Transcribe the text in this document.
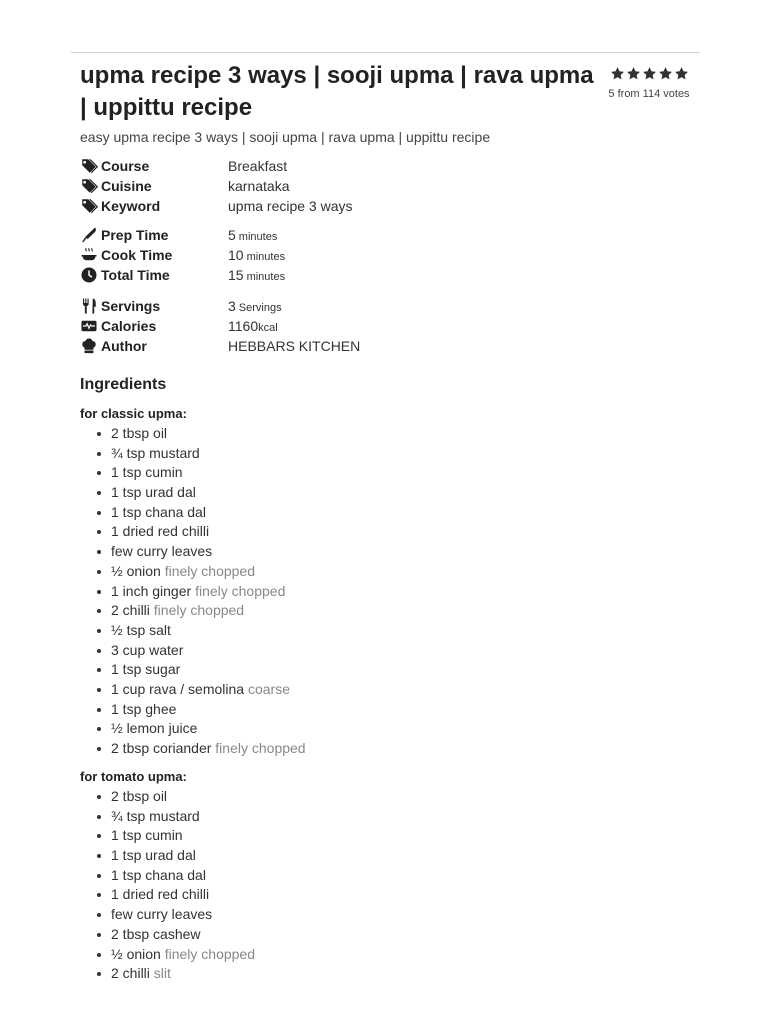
upma recipe 3 ways | sooji upma | rava upma | uppittu recipe	5 from 114 votes

easy upma recipe 3 ways | sooji upma | rava upma | uppittu recipe

Course	Breakfast
Cuisine	karnataka
Keyword	upma recipe 3 ways
Prep Time	5 minutes
Cook Time	10 minutes
Total Time	15 minutes
Servings	3 Servings
Calories	1160kcal
Author	HEBBARS KITCHEN
Ingredients
for classic upma:
2 tbsp oil
¾ tsp mustard
1 tsp cumin
1 tsp urad dal
1 tsp chana dal
1 dried red chilli
few curry leaves
½ onion finely chopped
1 inch ginger finely chopped
2 chilli finely chopped
½ tsp salt
3 cup water
1 tsp sugar
1 cup rava / semolina coarse
1 tsp ghee
½ lemon juice
2 tbsp coriander finely chopped
for tomato upma:
2 tbsp oil
¾ tsp mustard
1 tsp cumin
1 tsp urad dal
1 tsp chana dal
1 dried red chilli
few curry leaves
2 tbsp cashew
½ onion finely chopped
2 chilli slit
